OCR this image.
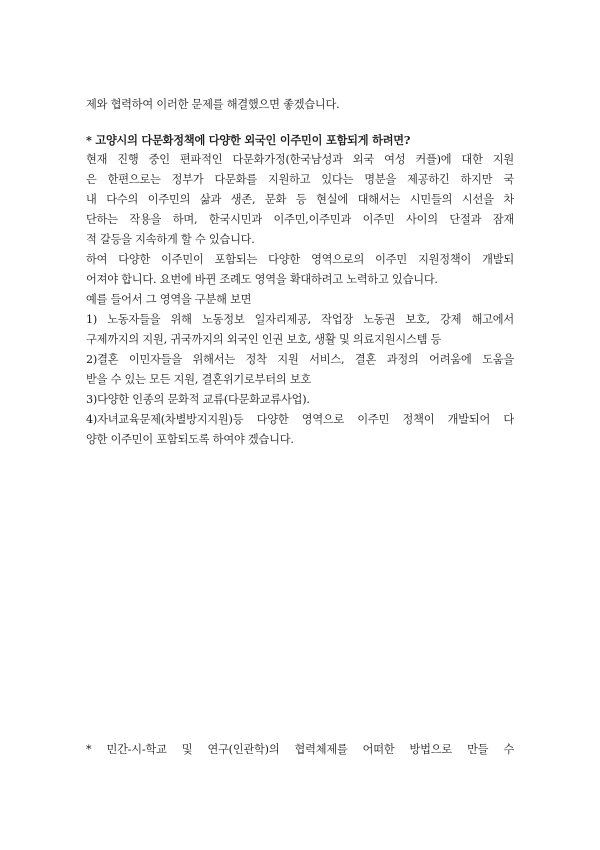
제와 협력하여 이러한 문제를 해결했으면 좋겠습니다.
* 고양시의 다문화정책에 다양한 외국인 이주민이 포함되게 하려면?
현재 진행 중인 편파적인 다문화가정(한국남성과 외국 여성 커플)에 대한 지원
은 한편으로는 정부가 다문화를 지원하고 있다는 명분을 제공하긴 하지만 국
내 다수의 이주민의 삶과 생존, 문화 등 현실에 대해서는 시민들의 시선을 차
단하는 작용을 하며, 한국시민과 이주민,이주민과 이주민 사이의 단절과 잠재
적 갈등을 지속하게 할 수 있습니다.
하여 다양한 이주민이 포함되는 다양한 영역으로의 이주민 지원정책이 개발되
어져야 합니다. 요번에 바뀐 조례도 영역을 확대하려고 노력하고 있습니다.
예를 들어서 그 영역을 구분해 보면
1) 노동자들을 위해 노동정보 일자리제공, 작업장 노동권 보호, 강제 해고에서
구제까지의 지원, 귀국까지의 외국인 인권 보호, 생활 및 의료지원시스템 등
2)결혼 이민자들을 위해서는 정착 지원 서비스, 결혼 과정의 어려움에 도움을
받을 수 있는 모든 지원, 결혼위기로부터의 보호
3)다양한 인종의 문화적 교류(다문화교류사업).
4)자녀교육문제(차별방지지원)등 다양한 영역으로 이주민 정책이 개발되어 다
양한 이주민이 포함되도록 하여야 겠습니다.
* 민간-시-학교 및 연구(인관학)의 협력체제를 어떠한 방법으로 만들 수
